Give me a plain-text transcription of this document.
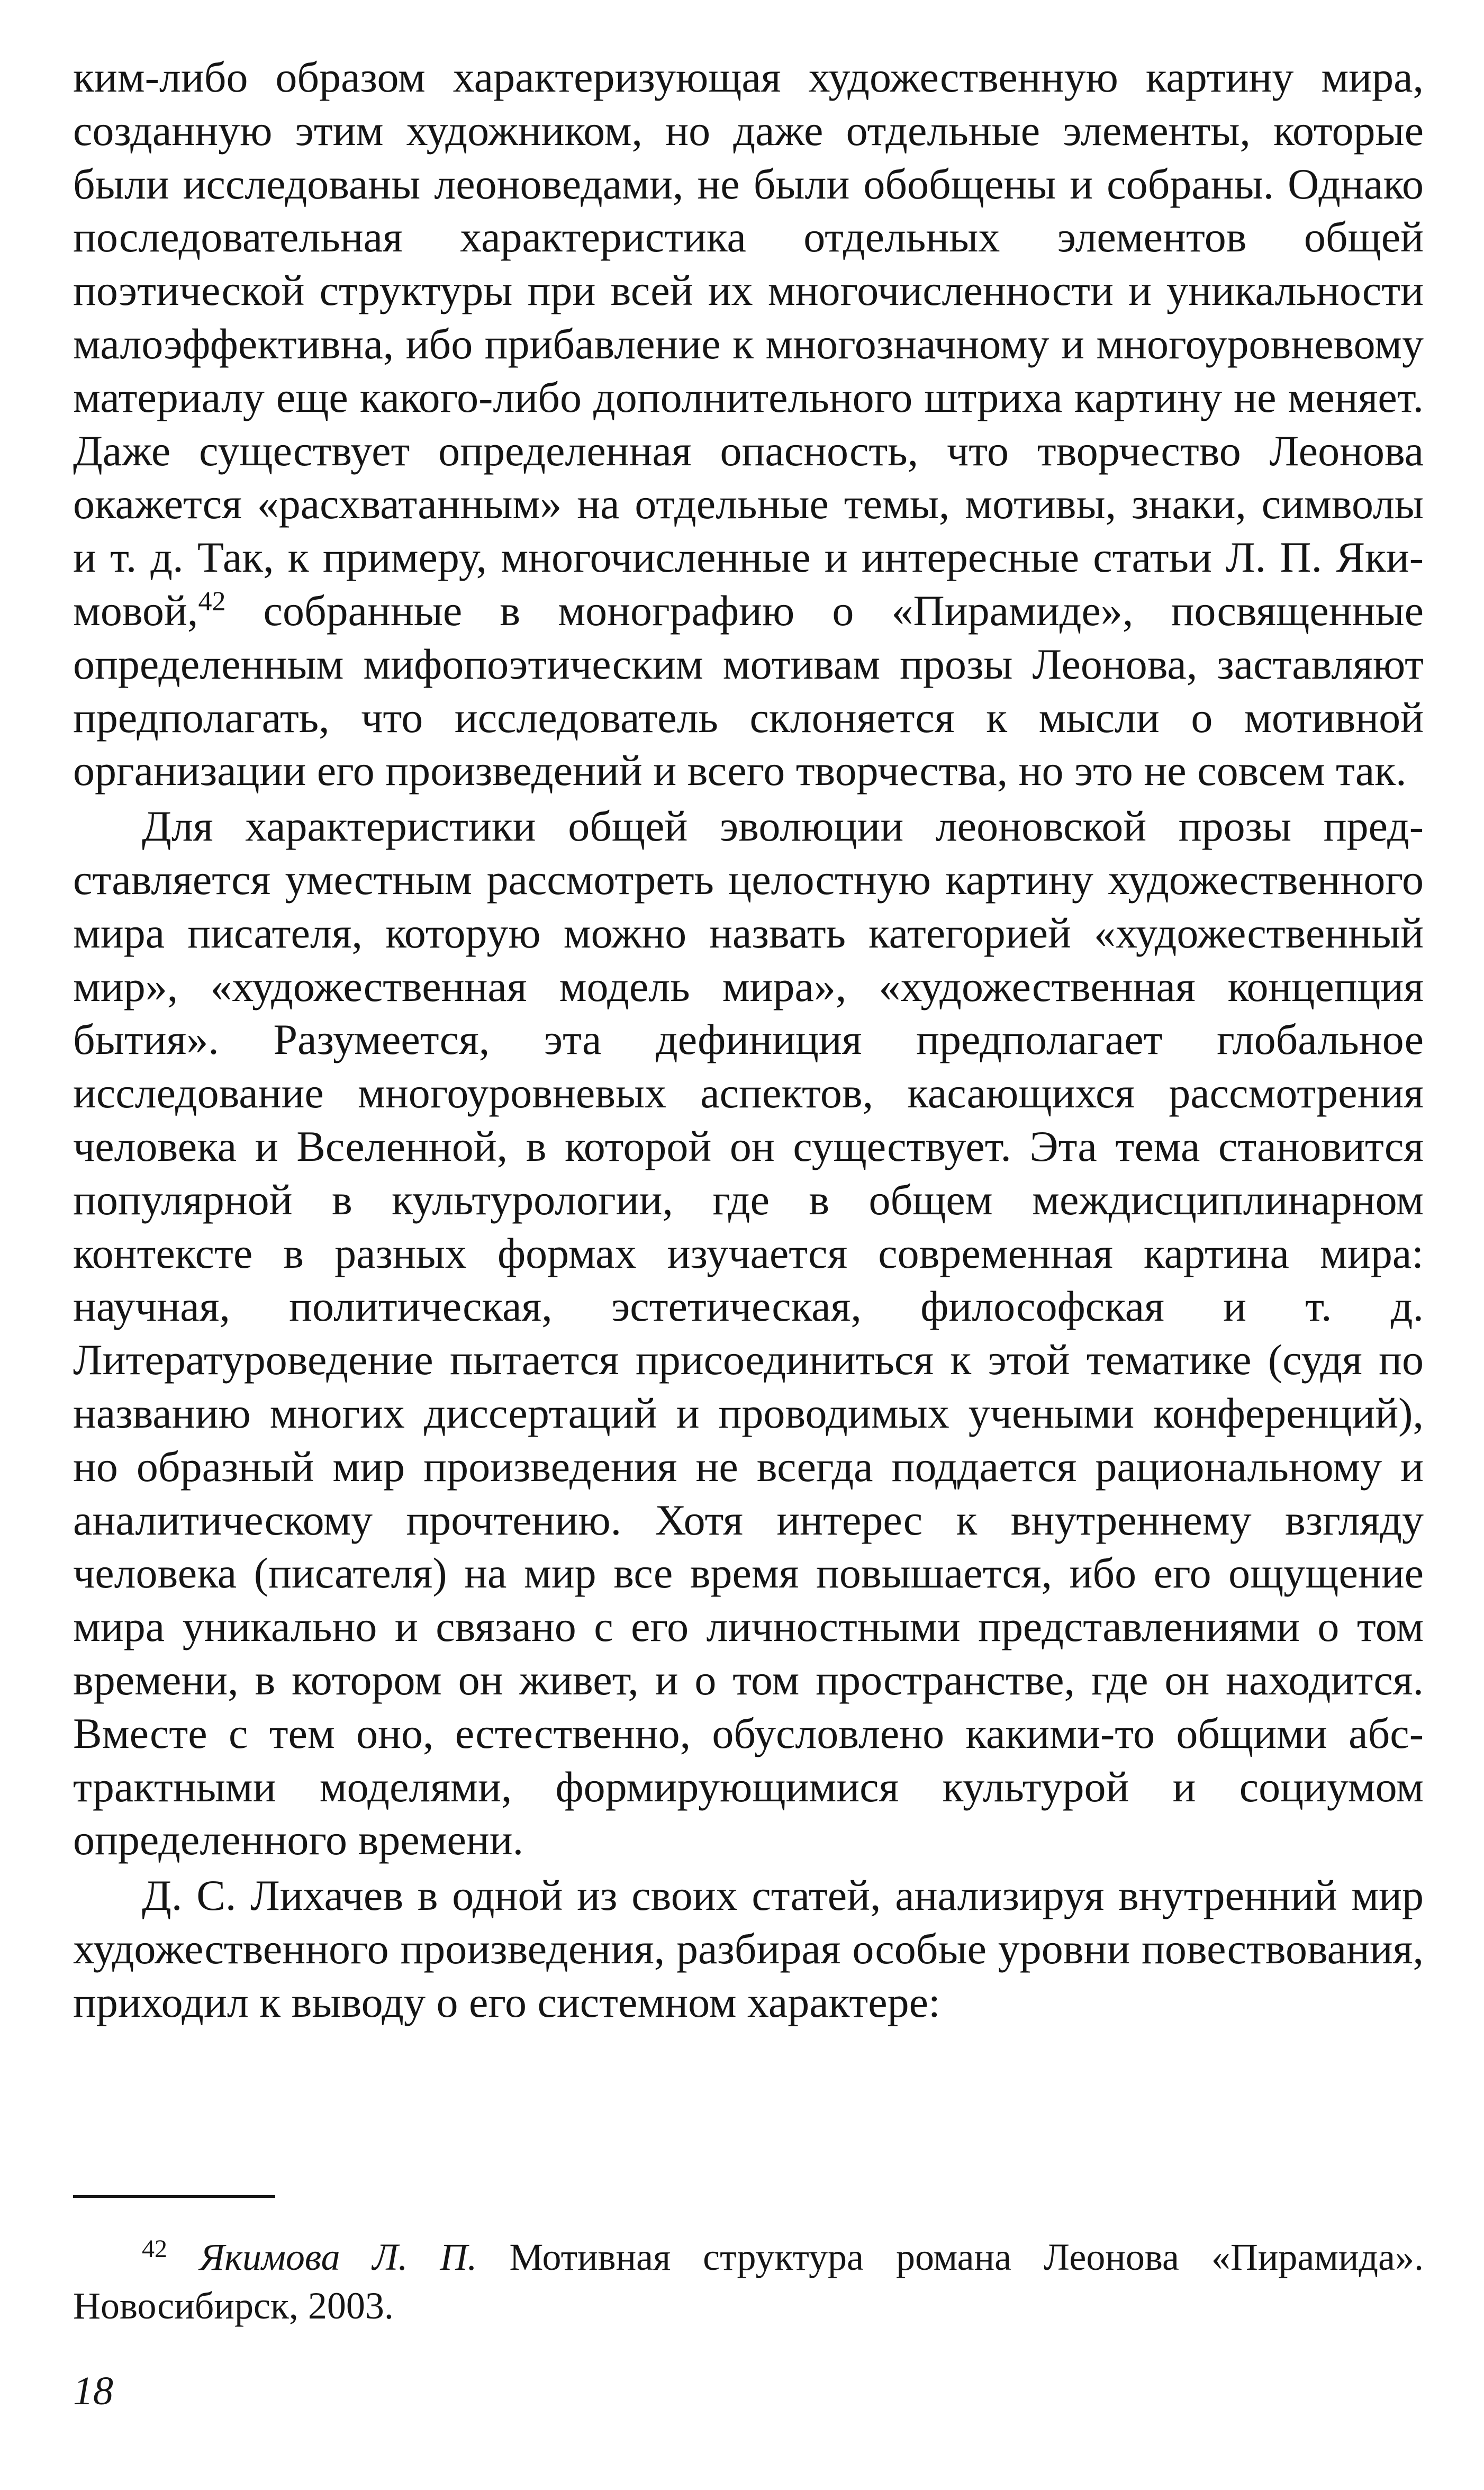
ким-либо образом характеризующая художественную картину мира, созданную этим художником, но даже отдельные элементы, которые были исследованы леоноведами, не были обобщены и собраны. Однако последовательная характеристика отдельных элементов общей поэтической структуры при всей их многочисленности и уникальности малоэффективна, ибо прибавление к многозначному и многоуровневому материалу еще какого-либо дополнительного штриха картину не меняет. Даже существует определенная опасность, что творчество Леонова окажется «расхватанным» на отдельные темы, мотивы, знаки, символы и т. д. Так, к примеру, многочисленные и интересные статьи Л. П. Якимовой,$^{42}$ собранные в монографию о «Пирамиде», посвященные определенным мифопоэтическим мотивам прозы Леонова, заставляют предполагать, что исследователь склоняется к мысли о мотивной организации его произведений и всего творчества, но это не совсем так.

Для характеристики общей эволюции леоновской прозы представляется уместным рассмотреть целостную картину художественного мира писателя, которую можно назвать категорией «художественный мир», «художественная модель мира», «художественная концепция бытия». Разумеется, эта дефиниция предполагает глобальное исследование многоуровневых аспектов, касающихся рассмотрения человека и Вселенной, в которой он существует. Эта тема становится популярной в культурологии, где в общем междисциплинарном контексте в разных формах изучается современная картина мира: научная, политическая, эстетическая, философская и т. д. Литературоведение пытается присоединиться к этой тематике (судя по названию многих диссертаций и проводимых учеными конференций), но образный мир произведения не всегда поддается рациональному и аналитическому прочтению. Хотя интерес к внутреннему взгляду человека (писателя) на мир все время повышается, ибо его ощущение мира уникально и связано с его личностными представлениями о том времени, в котором он живет, и о том пространстве, где он находится. Вместе с тем оно, естественно, обусловлено какими-то общими абстрактными моделями, формирующимися культурой и социумом определенного времени.

Д. С. Лихачев в одной из своих статей, анализируя внутренний мир художественного произведения, разбирая особые уровни повествования, приходил к выводу о его системном характере:

$^{42}$ Якимова Л. П. Мотивная структура романа Леонова «Пирамида». Новосибирск, 2003.

18
